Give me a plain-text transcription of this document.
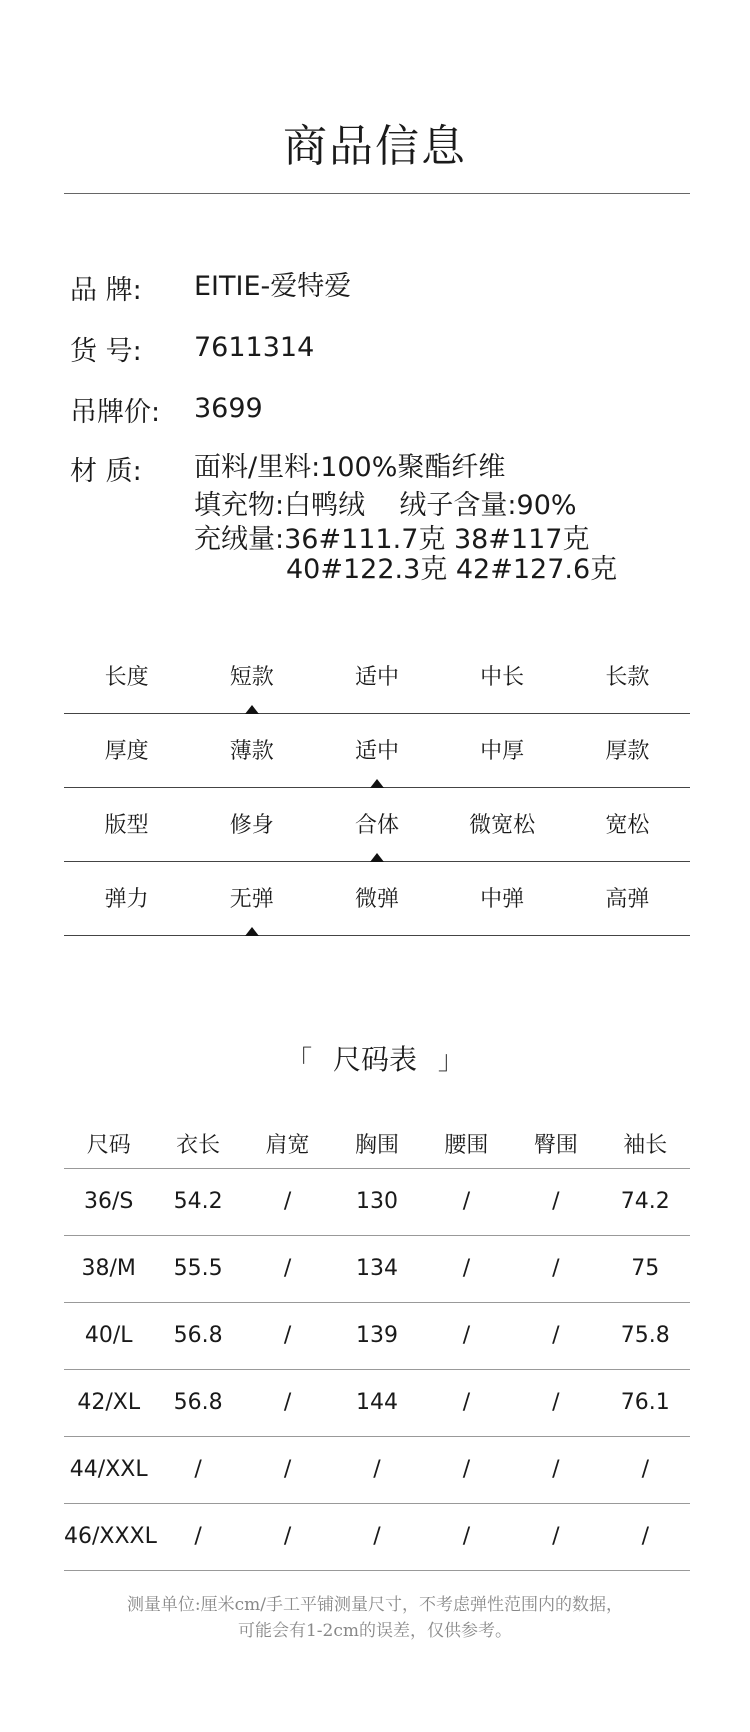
商品信息
品 牌:	EITIE-爱特爱
货 号:	7611314
吊牌价:	3699
材 质:	面料/里料:100%聚酯纤维
填充物:白鸭绒    绒子含量:90%
充绒量:36#111.7克 38#117克
40#122.3克 42#127.6克
长度	短款	适中	中长	长款
厚度	薄款	适中	中厚	厚款
版型	修身	合体	微宽松	宽松
弹力	无弹	微弹	中弹	高弹
「 尺码表 」
尺码	衣长	肩宽	胸围	腰围	臀围	袖长
36/S	54.2	/	130	/	/	74.2
38/M	55.5	/	134	/	/	75
40/L	56.8	/	139	/	/	75.8
42/XL	56.8	/	144	/	/	76.1
44/XXL	/	/	/	/	/	/
46/XXXL	/	/	/	/	/	/
测量单位:厘米cm/手工平铺测量尺寸，不考虑弹性范围内的数据，
可能会有1-2cm的误差，仅供参考。
